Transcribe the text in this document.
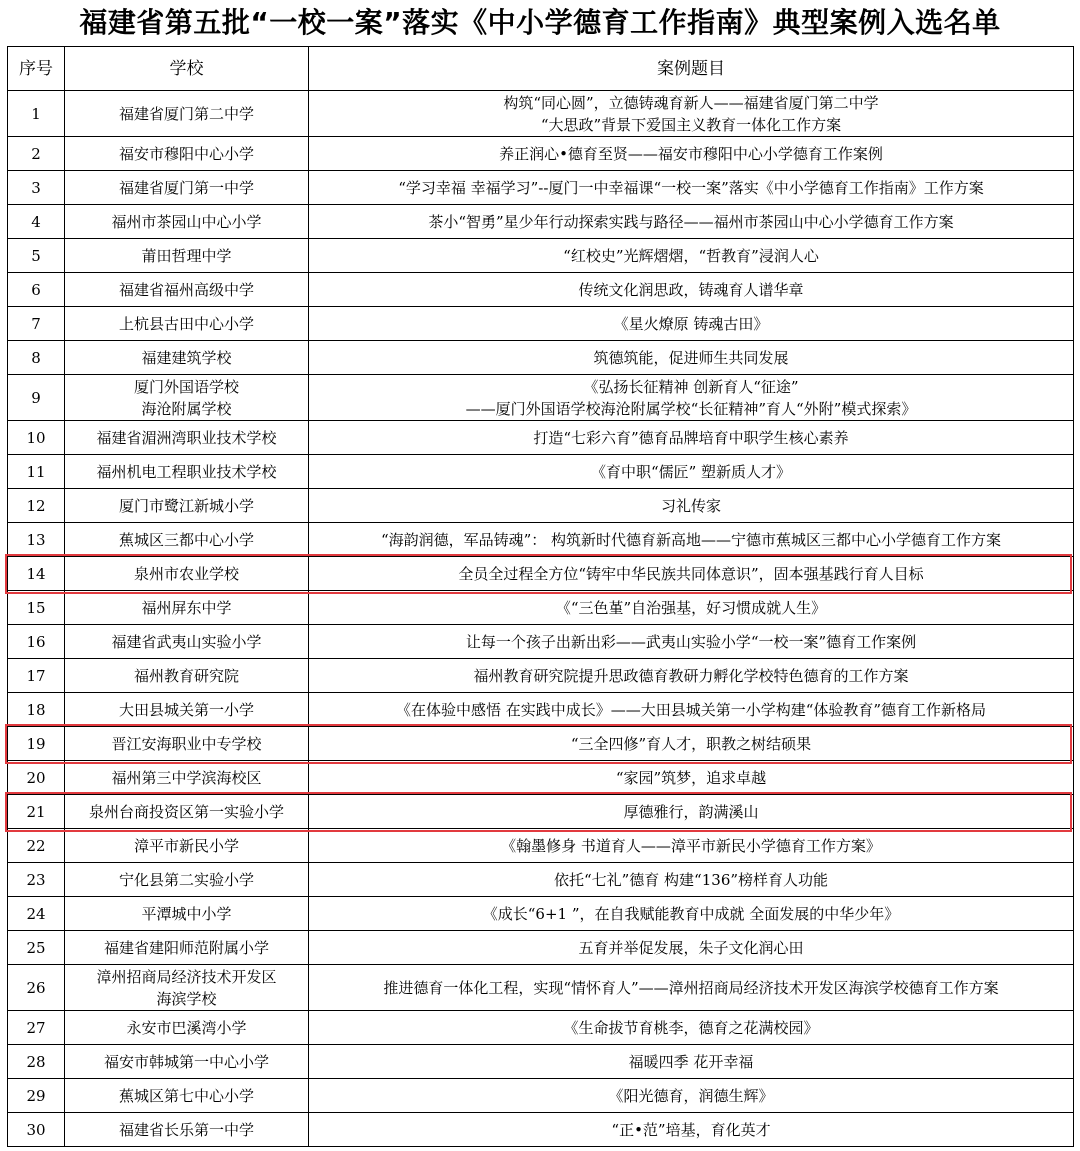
福建省第五批“一校一案”落实《中小学德育工作指南》典型案例入选名单
序号	学校	案例题目
1	福建省厦门第二中学	构筑“同心圆”，立德铸魂育新人——福建省厦门第二中学
“大思政”背景下爱国主义教育一体化工作方案

2	福安市穆阳中心小学	养正润心•德育至贤——福安市穆阳中心小学德育工作案例

3	福建省厦门第一中学	“学习幸福 幸福学习”--厦门一中幸福课“一校一案”落实《中小学德育工作指南》工作方案

4	福州市茶园山中心小学	茶小“智勇”星少年行动探索实践与路径——福州市茶园山中心小学德育工作方案

5	莆田哲理中学	“红校史”光辉熠熠，“哲教育”浸润人心

6	福建省福州高级中学	传统文化润思政，铸魂育人谱华章

7	上杭县古田中心小学	《星火燎原 铸魂古田》

8	福建建筑学校	筑德筑能，促进师生共同发展

9	厦门外国语学校
海沧附属学校	《弘扬长征精神 创新育人“征途”
——厦门外国语学校海沧附属学校“长征精神”育人“外附”模式探索》

10	福建省湄洲湾职业技术学校	打造“七彩六育”德育品牌培育中职学生核心素养

11	福州机电工程职业技术学校	《育中职“儒匠” 塑新质人才》

12	厦门市鹭江新城小学	习礼传家

13	蕉城区三都中心小学	“海韵润德，军品铸魂”： 构筑新时代德育新高地——宁德市蕉城区三都中心小学德育工作方案

14	泉州市农业学校	全员全过程全方位“铸牢中华民族共同体意识”，固本强基践行育人目标

15	福州屏东中学	《“三色堇”自治强基，好习惯成就人生》

16	福建省武夷山实验小学	让每一个孩子出新出彩——武夷山实验小学“一校一案”德育工作案例

17	福州教育研究院	福州教育研究院提升思政德育教研力孵化学校特色德育的工作方案

18	大田县城关第一小学	《在体验中感悟 在实践中成长》——大田县城关第一小学构建“体验教育”德育工作新格局

19	晋江安海职业中专学校	“三全四修”育人才，职教之树结硕果

20	福州第三中学滨海校区	“家园”筑梦，追求卓越

21	泉州台商投资区第一实验小学	厚德雅行，韵满溪山

22	漳平市新民小学	《翰墨修身 书道育人——漳平市新民小学德育工作方案》

23	宁化县第二实验小学	依托“七礼”德育 构建“136”榜样育人功能

24	平潭城中小学	《成长“6+1 ”，在自我赋能教育中成就 全面发展的中华少年》

25	福建省建阳师范附属小学	五育并举促发展，朱子文化润心田

26	漳州招商局经济技术开发区
海滨学校	推进德育一体化工程，实现“情怀育人”——漳州招商局经济技术开发区海滨学校德育工作方案

27	永安市巴溪湾小学	《生命拔节育桃李，德育之花满校园》

28	福安市韩城第一中心小学	福暖四季 花开幸福

29	蕉城区第七中心小学	《阳光德育，润德生辉》

30	福建省长乐第一中学	“正•范”培基，育化英才
